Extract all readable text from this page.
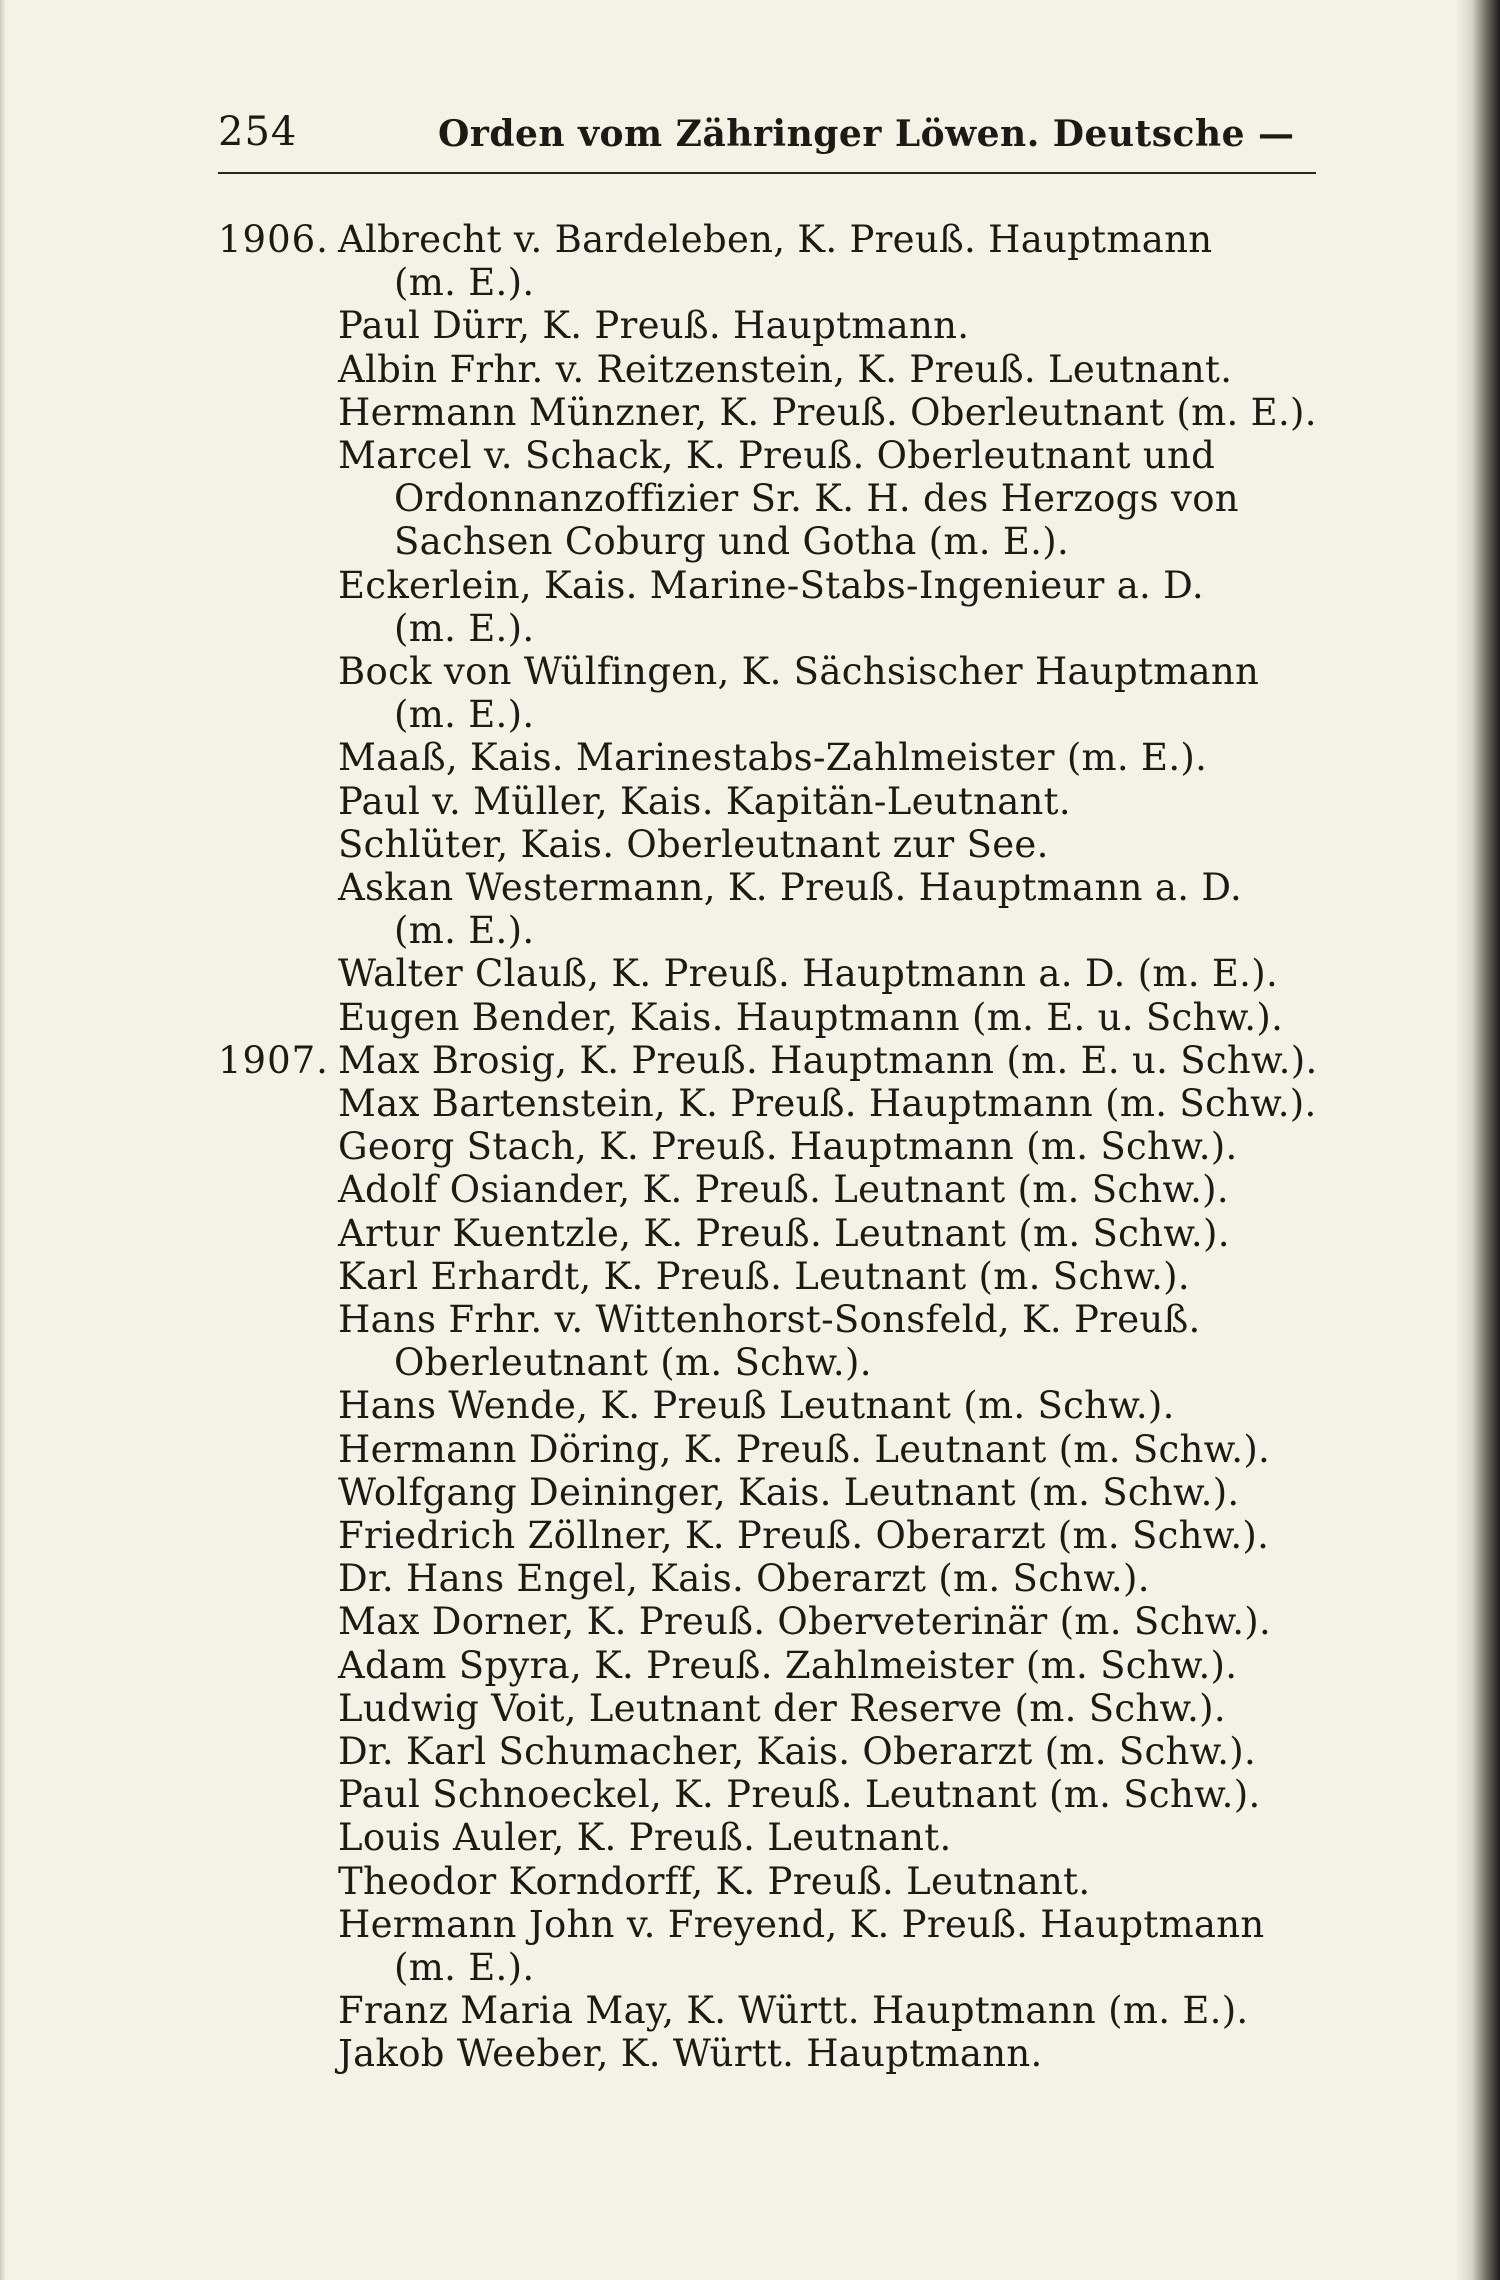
254	Orden vom Zähringer Löwen. Deutsche —
Albrecht v. Bardeleben, K. Preuß. Hauptmann
(m. E.).
Paul Dürr, K. Preuß. Hauptmann.
Albin Frhr. v. Reitzenstein, K. Preuß. Leutnant.
Hermann Münzner, K. Preuß. Oberleutnant (m. E.).
Marcel v. Schack, K. Preuß. Oberleutnant und
Ordonnanzoffizier Sr. K. H. des Herzogs von
Sachsen Coburg und Gotha (m. E.).
Eckerlein, Kais. Marine-Stabs-Ingenieur a. D.
(m. E.).
Bock von Wülfingen, K. Sächsischer Hauptmann
(m. E.).
Maaß, Kais. Marinestabs-Zahlmeister (m. E.).
Paul v. Müller, Kais. Kapitän-Leutnant.
Schlüter, Kais. Oberleutnant zur See.
Askan Westermann, K. Preuß. Hauptmann a. D.
(m. E.).
Walter Clauß, K. Preuß. Hauptmann a. D. (m. E.).
Eugen Bender, Kais. Hauptmann (m. E. u. Schw.).
Max Brosig, K. Preuß. Hauptmann (m. E. u. Schw.).
Max Bartenstein, K. Preuß. Hauptmann (m. Schw.).
Georg Stach, K. Preuß. Hauptmann (m. Schw.).
Adolf Osiander, K. Preuß. Leutnant (m. Schw.).
Artur Kuentzle, K. Preuß. Leutnant (m. Schw.).
Karl Erhardt, K. Preuß. Leutnant (m. Schw.).
Hans Frhr. v. Wittenhorst-Sonsfeld, K. Preuß.
Oberleutnant (m. Schw.).
Hans Wende, K. Preuß Leutnant (m. Schw.).
Hermann Döring, K. Preuß. Leutnant (m. Schw.).
Wolfgang Deininger, Kais. Leutnant (m. Schw.).
Friedrich Zöllner, K. Preuß. Oberarzt (m. Schw.).
Dr. Hans Engel, Kais. Oberarzt (m. Schw.).
Max Dorner, K. Preuß. Oberveterinär (m. Schw.).
Adam Spyra, K. Preuß. Zahlmeister (m. Schw.).
Ludwig Voit, Leutnant der Reserve (m. Schw.).
Dr. Karl Schumacher, Kais. Oberarzt (m. Schw.).
Paul Schnoeckel, K. Preuß. Leutnant (m. Schw.).
Louis Auler, K. Preuß. Leutnant.
Theodor Korndorff, K. Preuß. Leutnant.
Hermann John v. Freyend, K. Preuß. Hauptmann
(m. E.).
Franz Maria May, K. Württ. Hauptmann (m. E.).
Jakob Weeber, K. Württ. Hauptmann.
1906.
1907.
